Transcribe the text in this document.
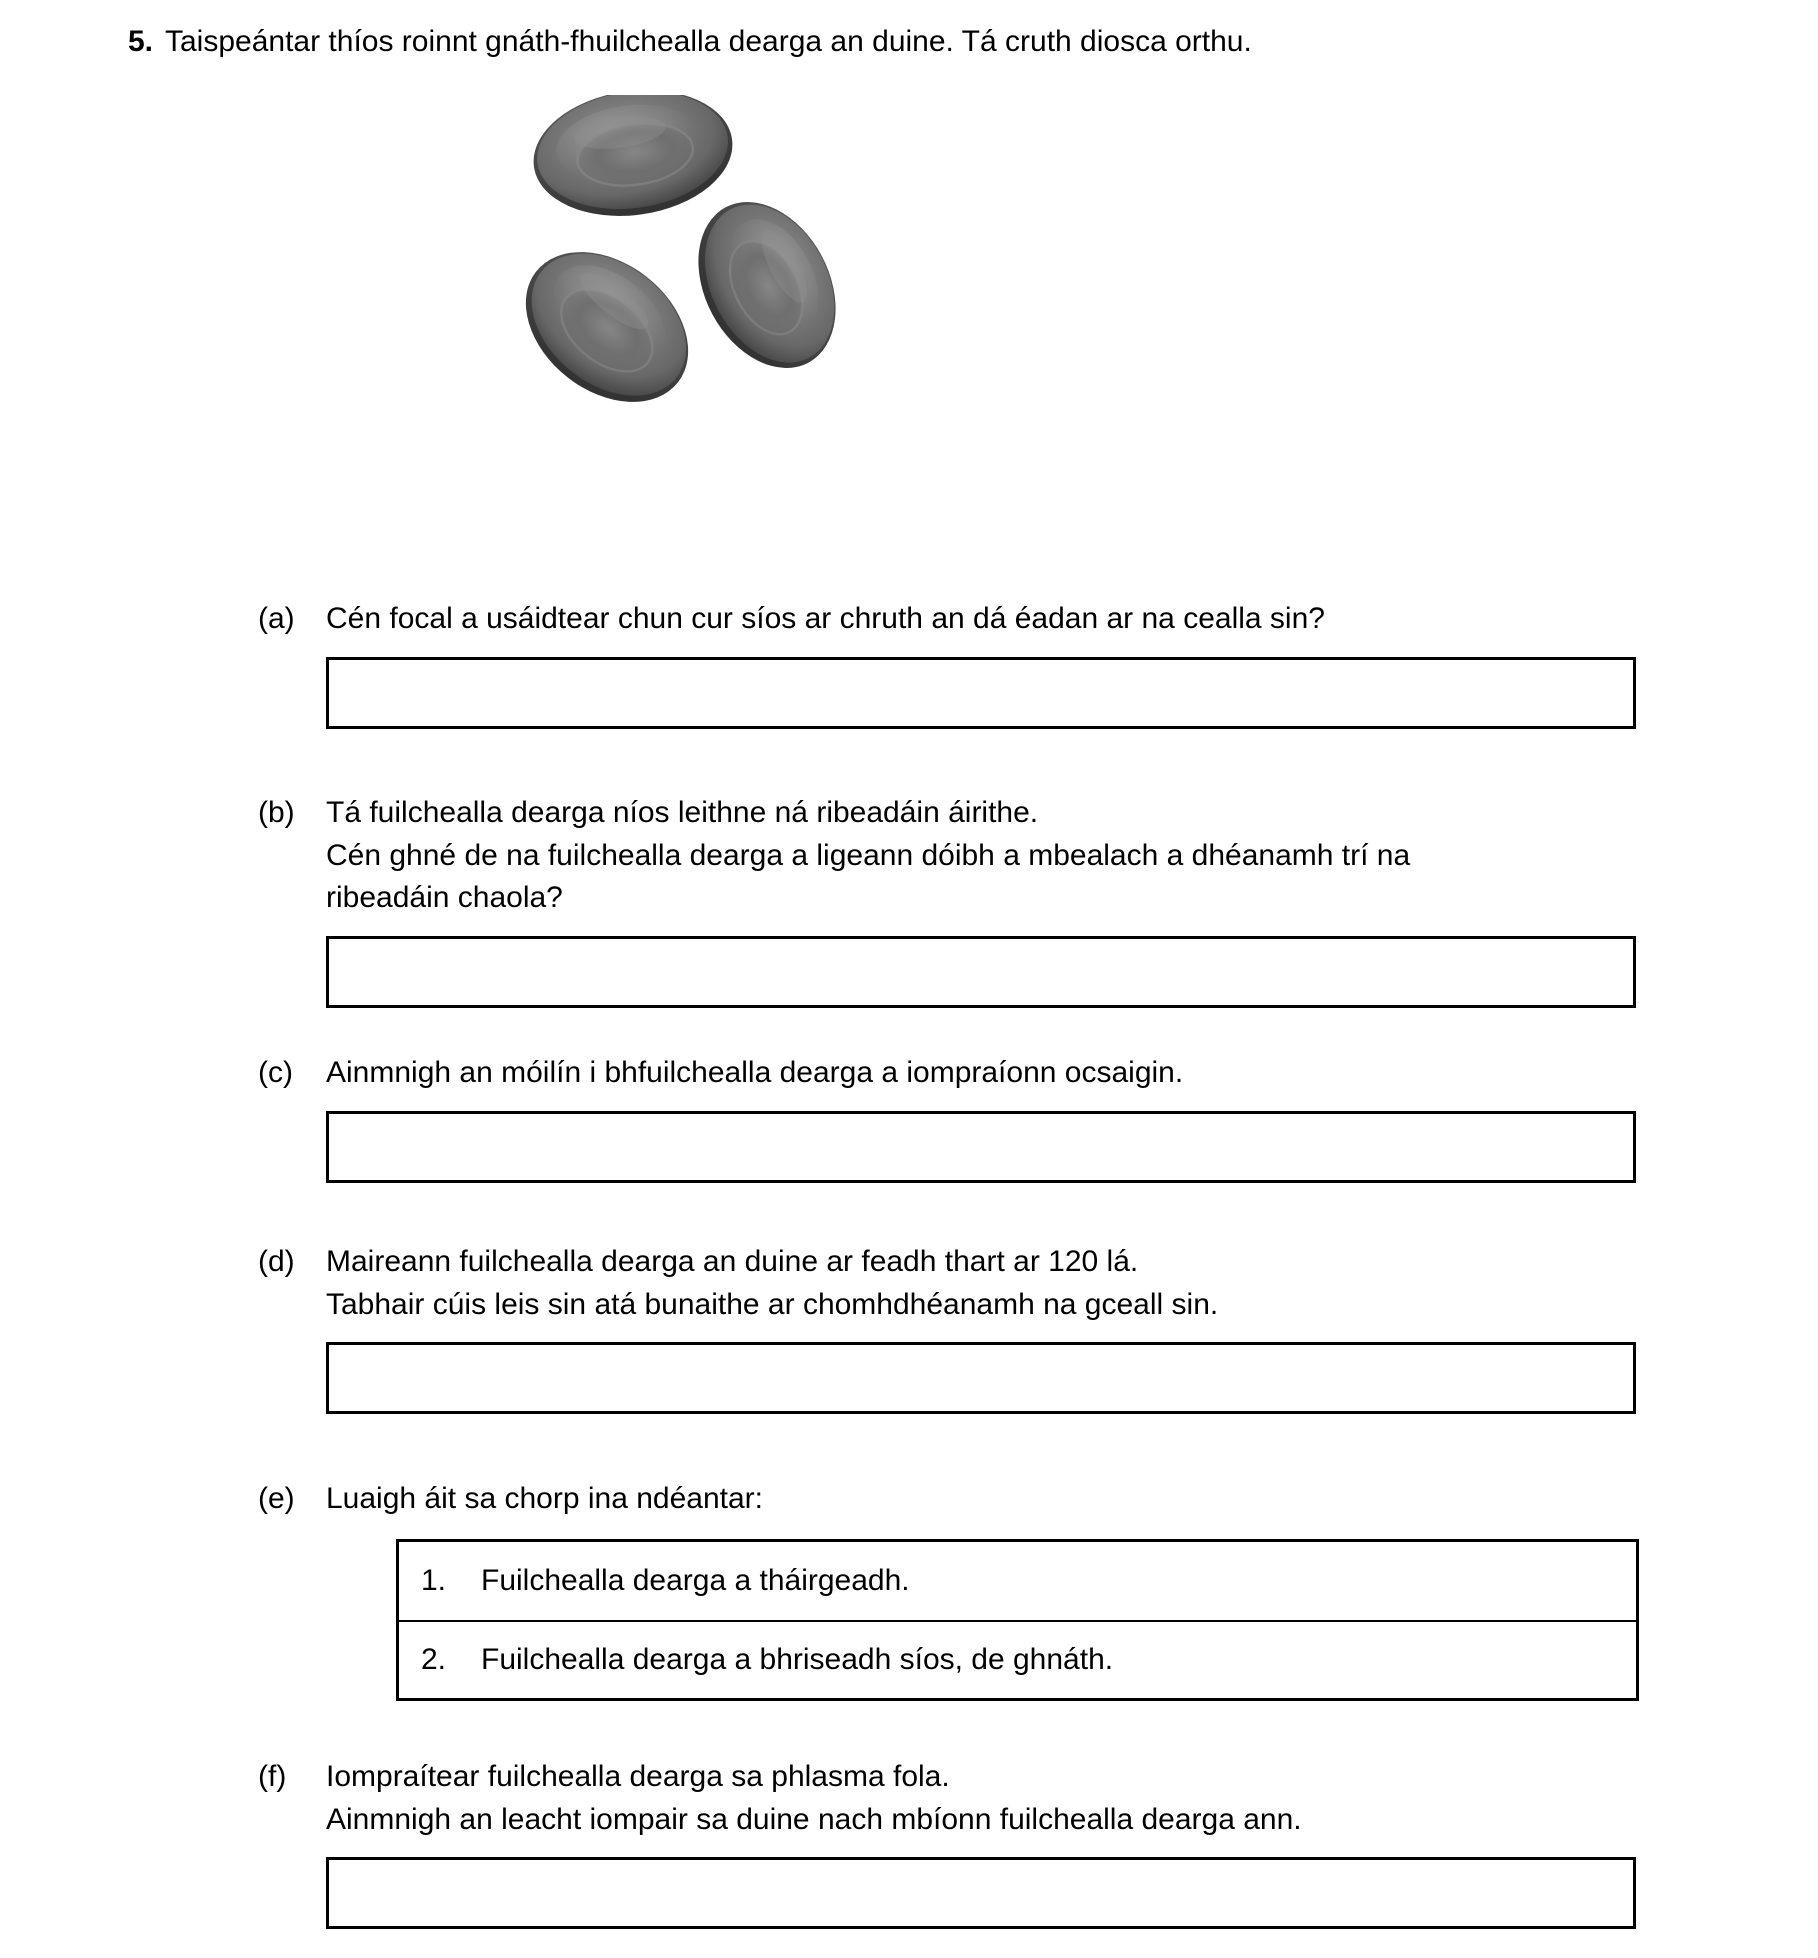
5. Taispeántar thíos roinnt gnáth-fhuilchealla dearga an duine. Tá cruth diosca orthu.
(a)	Cén focal a usáidtear chun cur síos ar chruth an dá éadan ar na cealla sin?
(b)	Tá fuilchealla dearga níos leithne ná ribeadáin áirithe.
Cén ghné de na fuilchealla dearga a ligeann dóibh a mbealach a dhéanamh trí na
ribeadáin chaola?
(c)	Ainmnigh an móilín i bhfuilchealla dearga a iompraíonn ocsaigin.
(d)	Maireann fuilchealla dearga an duine ar feadh thart ar 120 lá.
Tabhair cúis leis sin atá bunaithe ar chomhdhéanamh na gceall sin.
(e)	Luaigh áit sa chorp ina ndéantar:
1.	Fuilchealla dearga a tháirgeadh.
2.	Fuilchealla dearga a bhriseadh síos, de ghnáth.
(f)	Iompraítear fuilchealla dearga sa phlasma fola.
Ainmnigh an leacht iompair sa duine nach mbíonn fuilchealla dearga ann.
